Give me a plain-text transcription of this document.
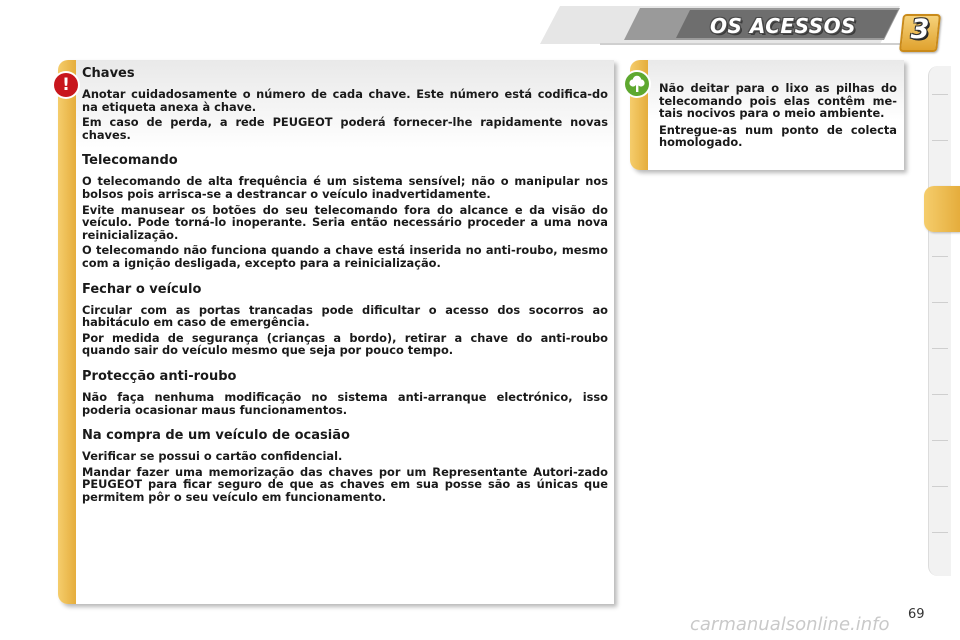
OS ACESSOS 3
!
Chaves

Anotar cuidadosamente o número de cada chave. Este número está codifica-do na etiqueta anexa à chave.

Em caso de perda, a rede PEUGEOT poderá fornecer-lhe rapidamente novas chaves.

Telecomando

O telecomando de alta frequência é um sistema sensível; não o manipular nos bolsos pois arrisca-se a destrancar o veículo inadvertidamente.

Evite manusear os botões do seu telecomando fora do alcance e da visão do veículo. Pode torná-lo inoperante. Seria então necessário proceder a uma nova reinicialização.

O telecomando não funciona quando a chave está inserida no anti-roubo, mesmo com a ignição desligada, excepto para a reinicialização.

Fechar o veículo

Circular com as portas trancadas pode dificultar o acesso dos socorros ao habitáculo em caso de emergência.

Por medida de segurança (crianças a bordo), retirar a chave do anti-roubo quando sair do veículo mesmo que seja por pouco tempo.

Protecção anti-roubo

Não faça nenhuma modificação no sistema anti-arranque electrónico, isso poderia ocasionar maus funcionamentos.

Na compra de um veículo de ocasião

Verificar se possui o cartão confidencial.

Mandar fazer uma memorização das chaves por um Representante Autori-zado PEUGEOT para ficar seguro de que as chaves em sua posse são as únicas que permitem pôr o seu veículo em funcionamento.

Não deitar para o lixo as pilhas do telecomando pois elas contêm me-tais nocivos para o meio ambiente.

Entregue-as num ponto de colecta homologado.

69
carmanualsonline.info
